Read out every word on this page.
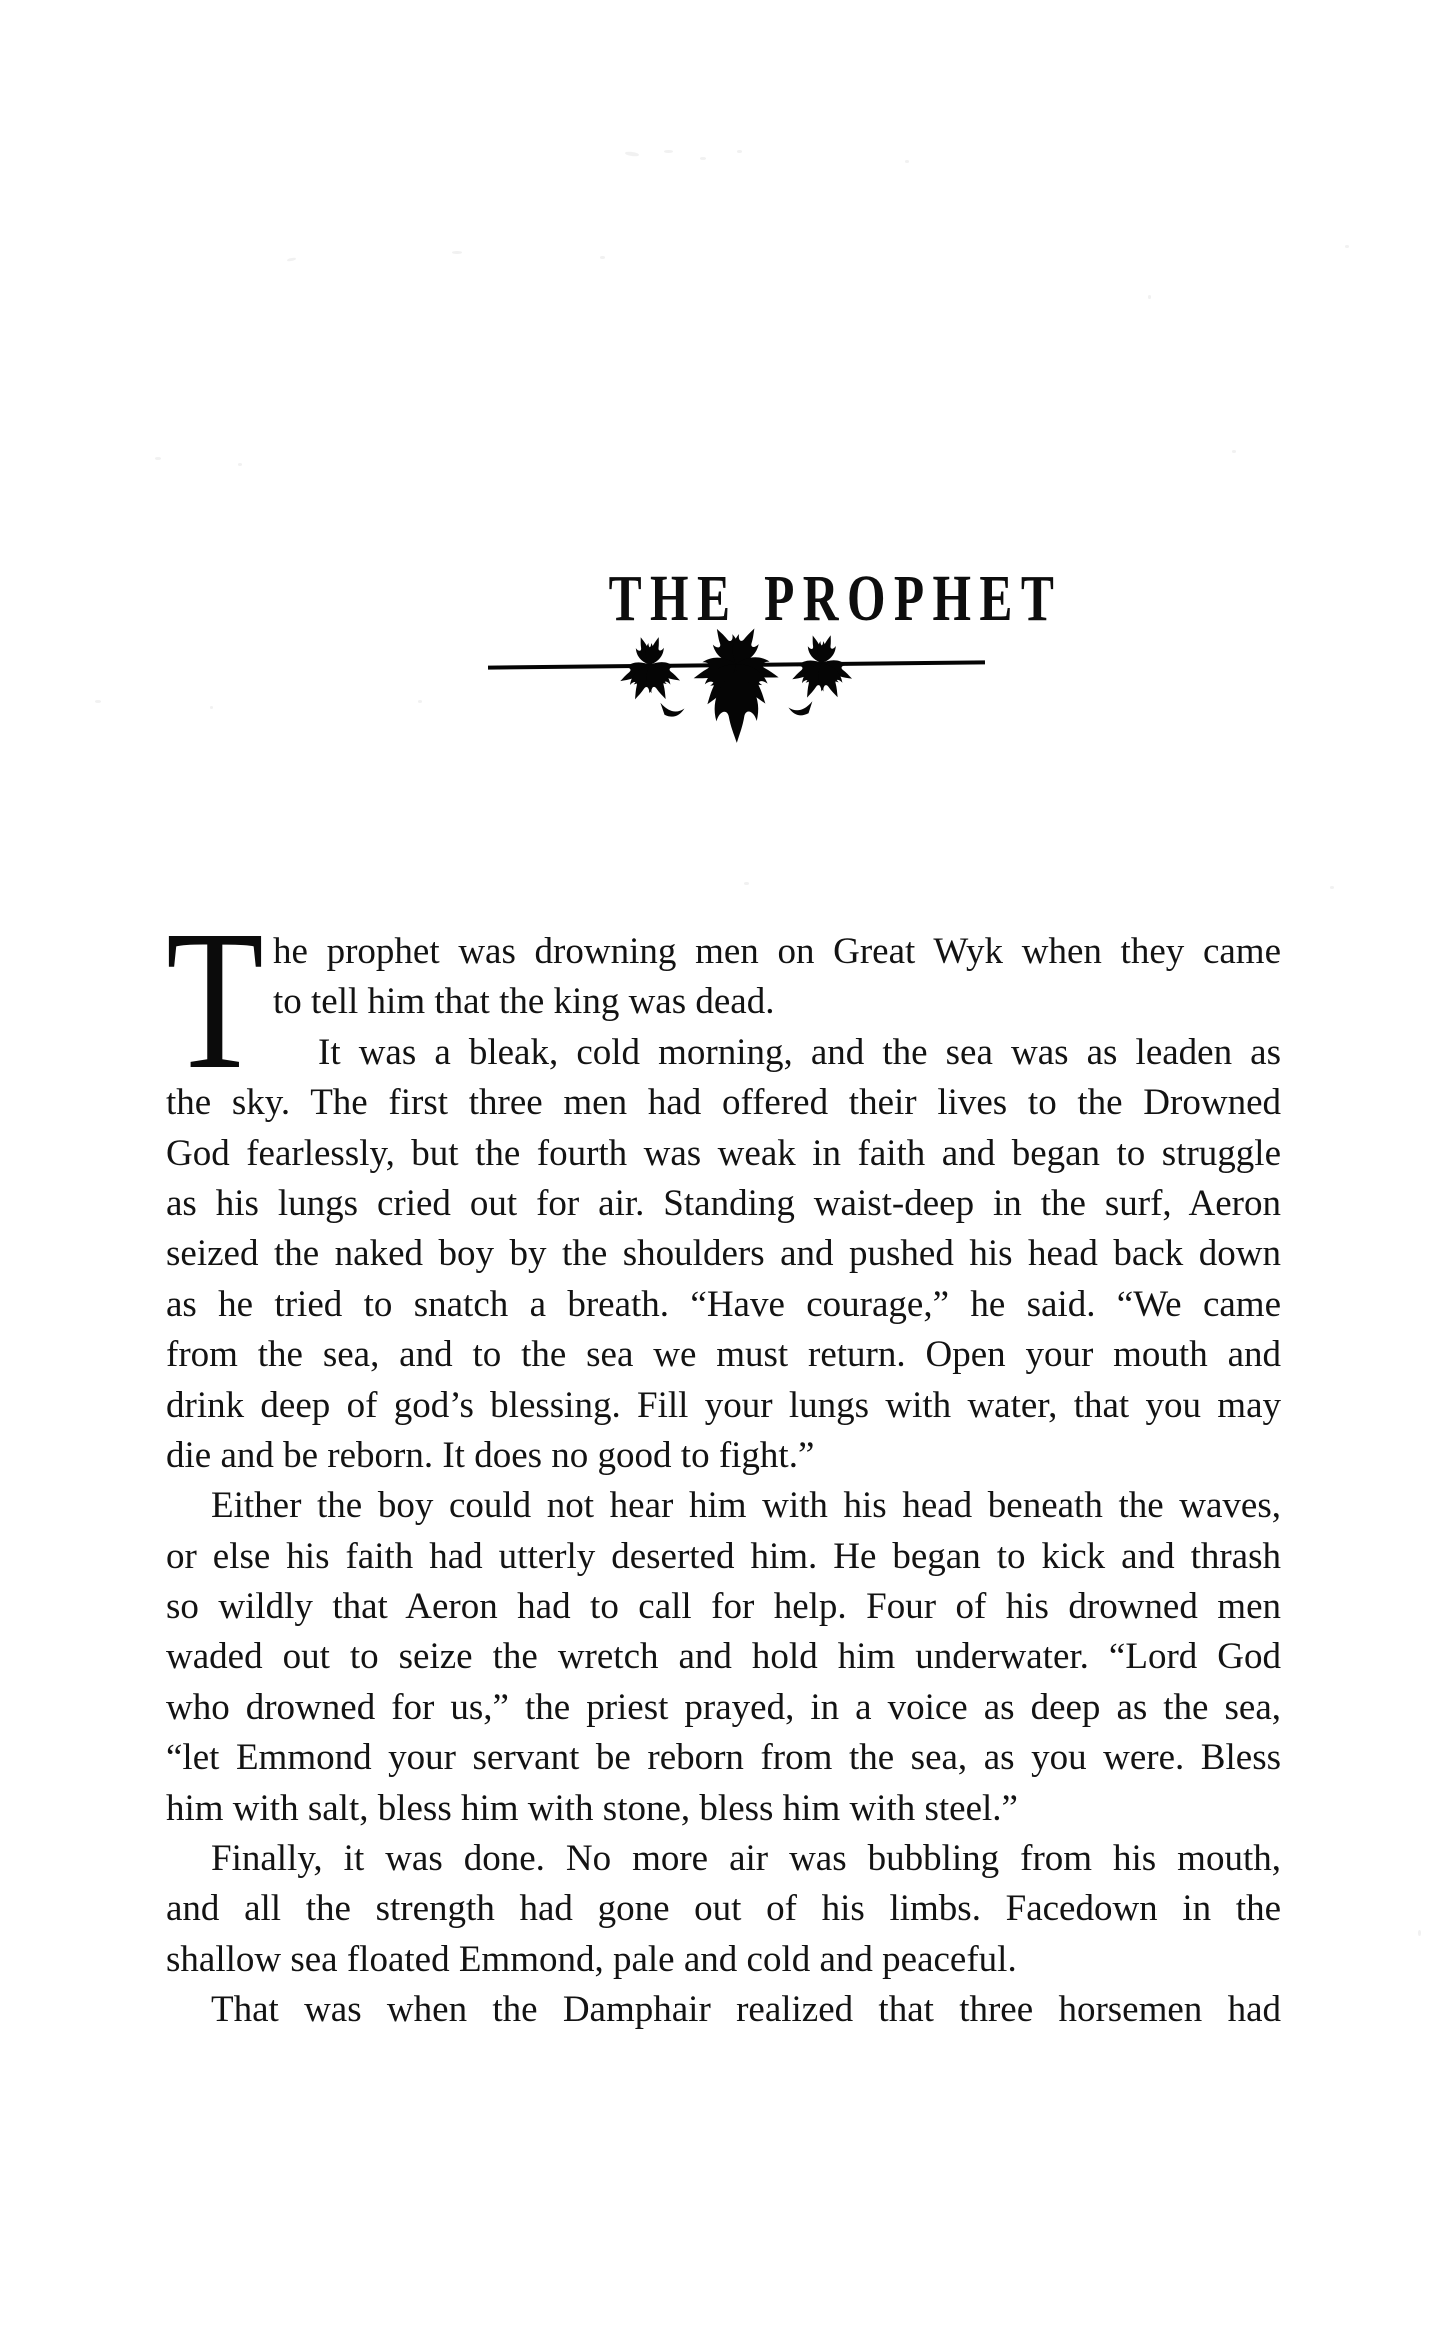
THE PROPHET
T he prophet was drowning men on Great Wyk when they came
to tell him that the king was dead.
It was a bleak, cold morning, and the sea was as leaden as
the sky. The first three men had offered their lives to the Drowned
God fearlessly, but the fourth was weak in faith and began to struggle
as his lungs cried out for air. Standing waist-deep in the surf, Aeron
seized the naked boy by the shoulders and pushed his head back down
as he tried to snatch a breath. “Have courage,” he said. “We came
from the sea, and to the sea we must return. Open your mouth and
drink deep of god’s blessing. Fill your lungs with water, that you may
die and be reborn. It does no good to fight.”
Either the boy could not hear him with his head beneath the waves,
or else his faith had utterly deserted him. He began to kick and thrash
so wildly that Aeron had to call for help. Four of his drowned men
waded out to seize the wretch and hold him underwater. “Lord God
who drowned for us,” the priest prayed, in a voice as deep as the sea,
“let Emmond your servant be reborn from the sea, as you were. Bless
him with salt, bless him with stone, bless him with steel.”
Finally, it was done. No more air was bubbling from his mouth,
and all the strength had gone out of his limbs. Facedown in the
shallow sea floated Emmond, pale and cold and peaceful.
That was when the Damphair realized that three horsemen had
